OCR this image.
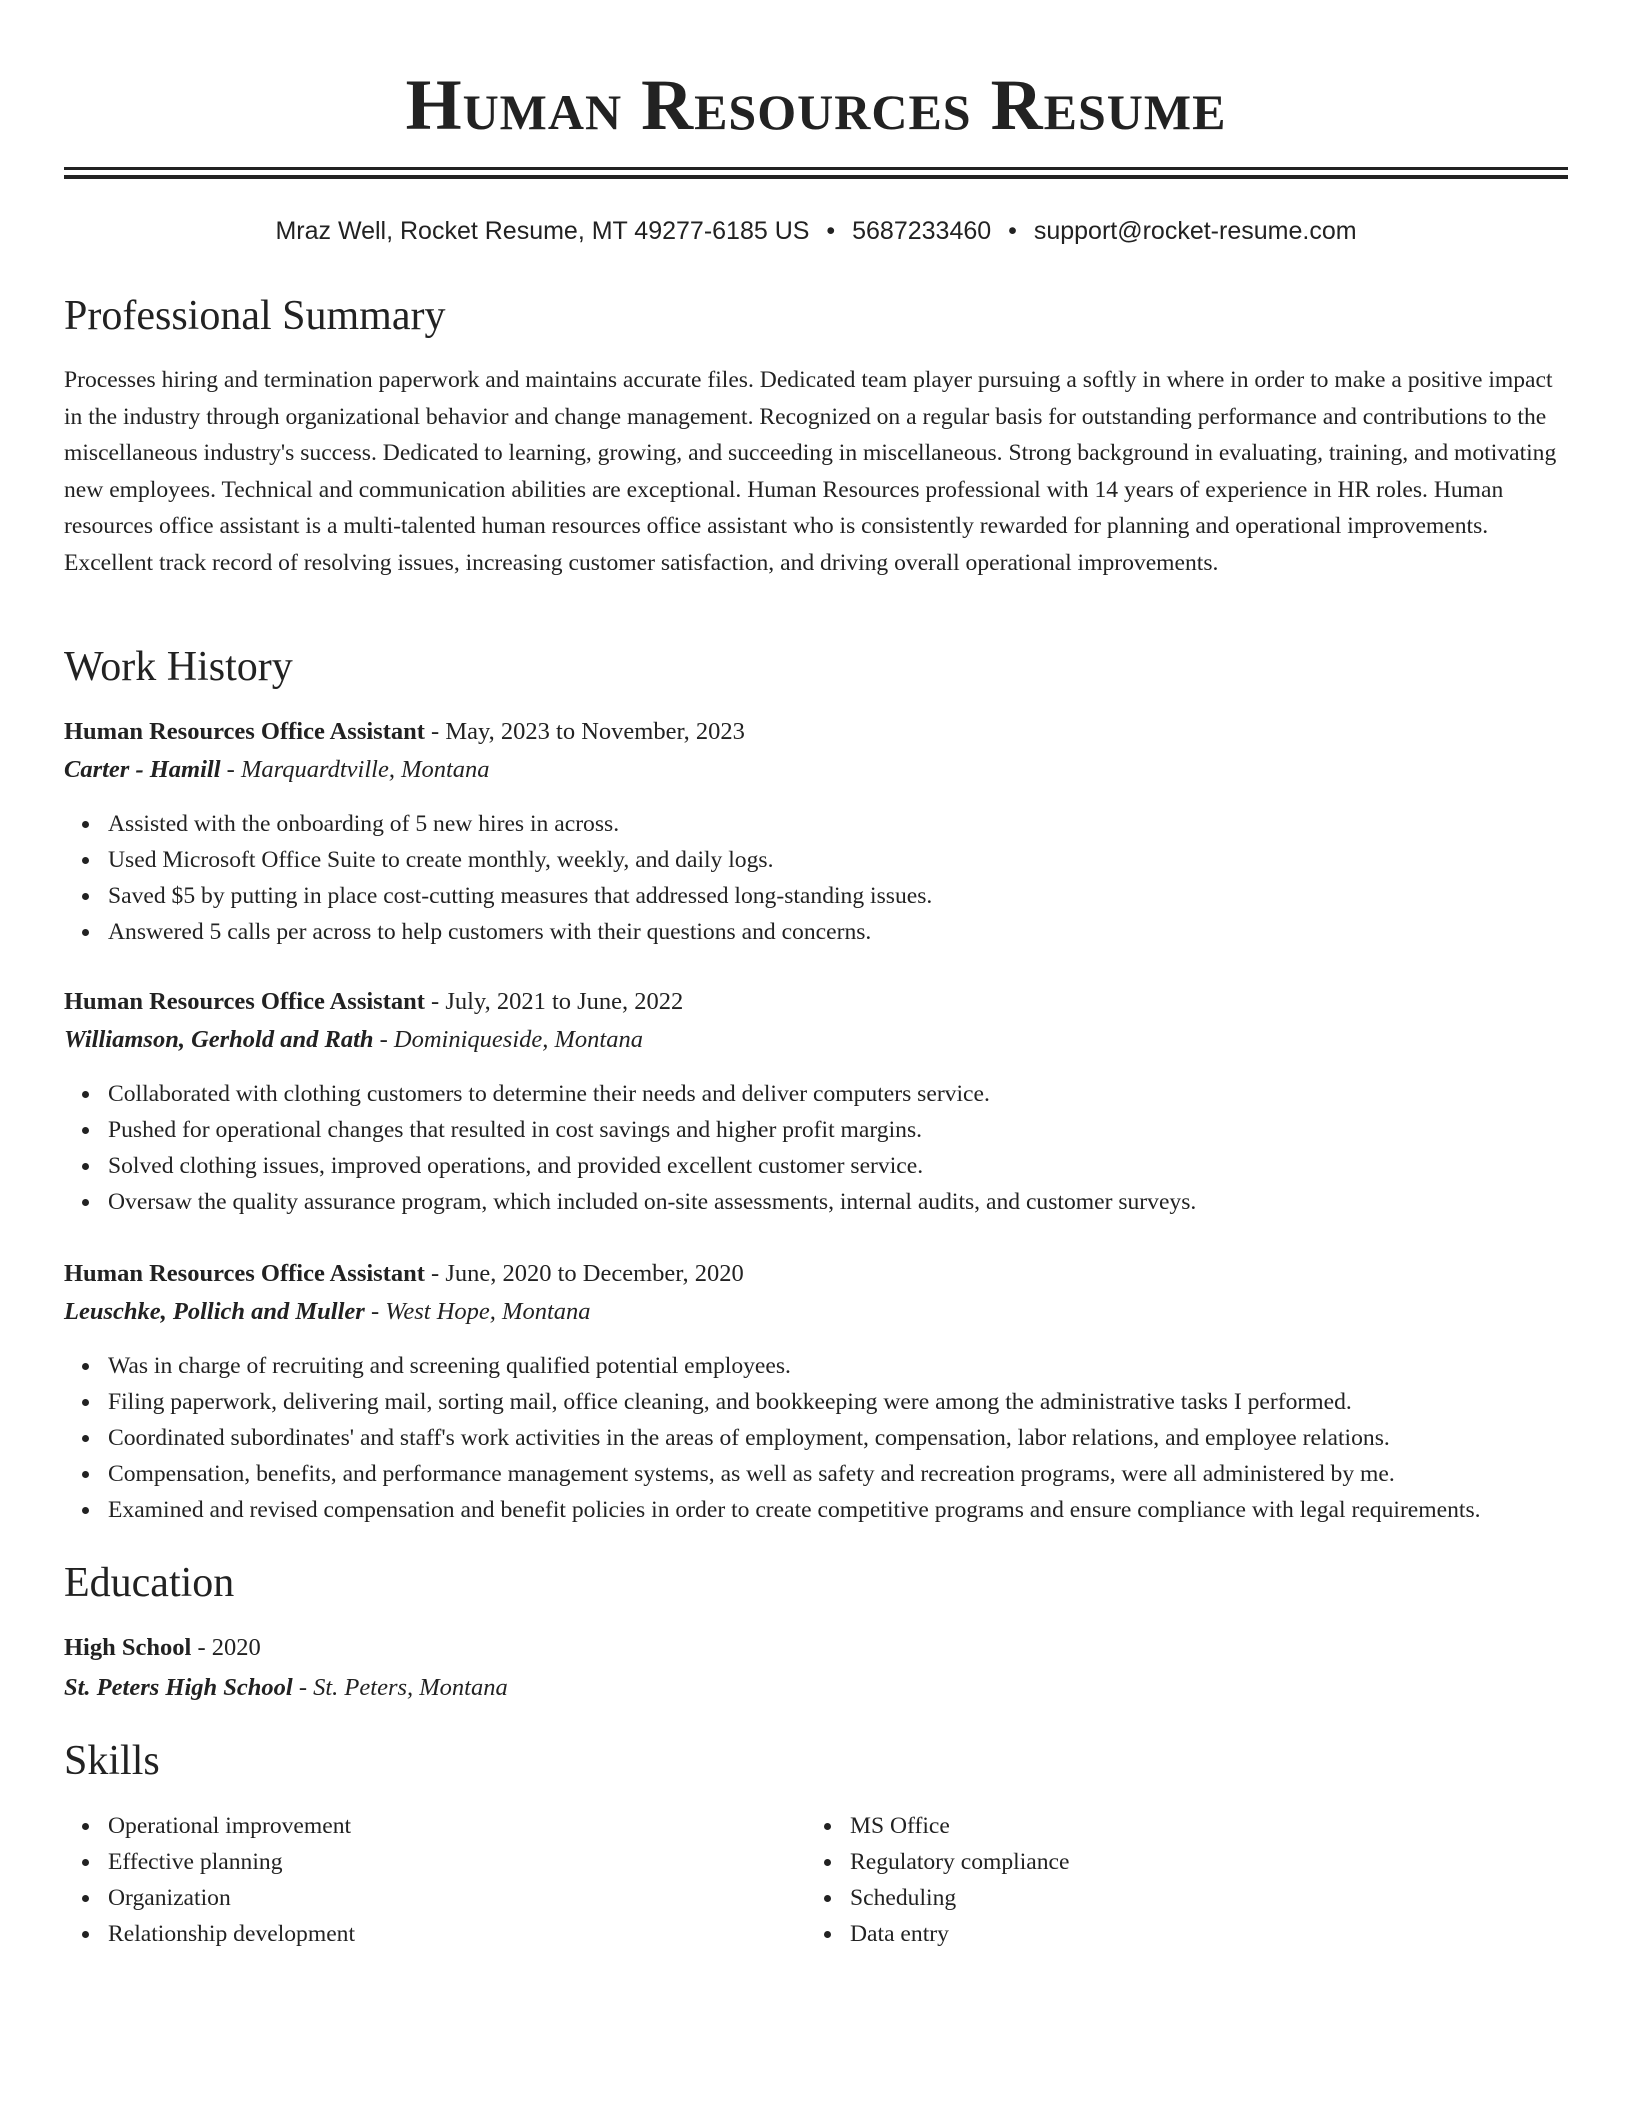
Human Resources Resume
Mraz Well, Rocket Resume, MT 49277-6185 US • 5687233460 • support@rocket-resume.com
Professional Summary
Processes hiring and termination paperwork and maintains accurate files. Dedicated team player pursuing a softly in where in order to make a positive impact in the industry through organizational behavior and change management. Recognized on a regular basis for outstanding performance and contributions to the miscellaneous industry's success. Dedicated to learning, growing, and succeeding in miscellaneous. Strong background in evaluating, training, and motivating new employees. Technical and communication abilities are exceptional. Human Resources professional with 14 years of experience in HR roles. Human resources office assistant is a multi-talented human resources office assistant who is consistently rewarded for planning and operational improvements. Excellent track record of resolving issues, increasing customer satisfaction, and driving overall operational improvements.
Work History
Human Resources Office Assistant - May, 2023 to November, 2023
Carter - Hamill - Marquardtville, Montana
Assisted with the onboarding of 5 new hires in across.
Used Microsoft Office Suite to create monthly, weekly, and daily logs.
Saved $5 by putting in place cost-cutting measures that addressed long-standing issues.
Answered 5 calls per across to help customers with their questions and concerns.
Human Resources Office Assistant - July, 2021 to June, 2022
Williamson, Gerhold and Rath - Dominiqueside, Montana
Collaborated with clothing customers to determine their needs and deliver computers service.
Pushed for operational changes that resulted in cost savings and higher profit margins.
Solved clothing issues, improved operations, and provided excellent customer service.
Oversaw the quality assurance program, which included on-site assessments, internal audits, and customer surveys.
Human Resources Office Assistant - June, 2020 to December, 2020
Leuschke, Pollich and Muller - West Hope, Montana
Was in charge of recruiting and screening qualified potential employees.
Filing paperwork, delivering mail, sorting mail, office cleaning, and bookkeeping were among the administrative tasks I performed.
Coordinated subordinates' and staff's work activities in the areas of employment, compensation, labor relations, and employee relations.
Compensation, benefits, and performance management systems, as well as safety and recreation programs, were all administered by me.
Examined and revised compensation and benefit policies in order to create competitive programs and ensure compliance with legal requirements.
Education
High School - 2020
St. Peters High School - St. Peters, Montana
Skills
Operational improvement
Effective planning
Organization
Relationship development
MS Office
Regulatory compliance
Scheduling
Data entry
